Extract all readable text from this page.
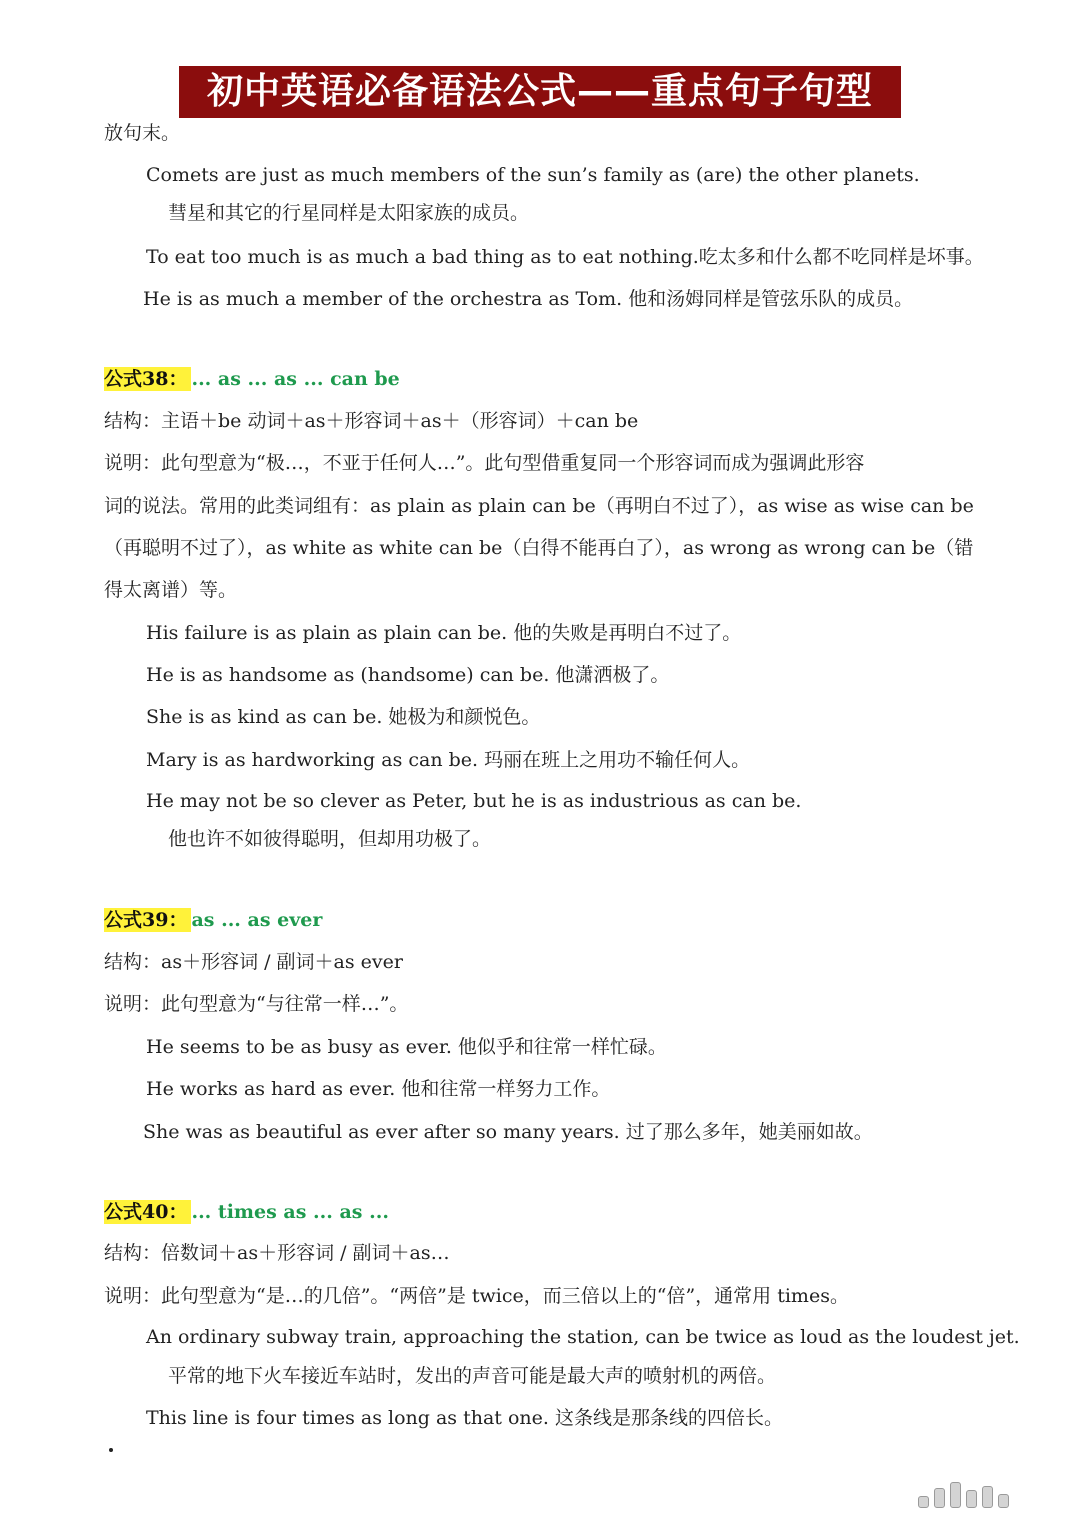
初中英语必备语法公式——重点句子句型
放句末。
Comets are just as much members of the sun’s family as (are) the other planets.
彗星和其它的行星同样是太阳家族的成员。
To eat too much is as much a bad thing as to eat nothing.吃太多和什么都不吃同样是坏事。
He is as much a member of the orchestra as Tom. 他和汤姆同样是管弦乐队的成员。
公式38： ... as ... as ... can be
结构：主语＋be 动词＋as＋形容词＋as＋（形容词）＋can be
说明：此句型意为“极…，不亚于任何人…”。此句型借重复同一个形容词而成为强调此形容
词的说法。常用的此类词组有：as plain as plain can be（再明白不过了），as wise as wise can be
（再聪明不过了），as white as white can be（白得不能再白了），as wrong as wrong can be（错
得太离谱）等。
His failure is as plain as plain can be. 他的失败是再明白不过了。
He is as handsome as (handsome) can be. 他潇洒极了。
She is as kind as can be. 她极为和颜悦色。
Mary is as hardworking as can be. 玛丽在班上之用功不输任何人。
He may not be so clever as Peter, but he is as industrious as can be.
他也许不如彼得聪明，但却用功极了。
公式39： as ... as ever
结构：as＋形容词 / 副词＋as ever
说明：此句型意为“与往常一样…”。
He seems to be as busy as ever. 他似乎和往常一样忙碌。
He works as hard as ever. 他和往常一样努力工作。
She was as beautiful as ever after so many years. 过了那么多年，她美丽如故。
公式40： ... times as ... as ...
结构：倍数词＋as＋形容词 / 副词＋as…
说明：此句型意为“是…的几倍”。“两倍”是 twice，而三倍以上的“倍”，通常用 times。
An ordinary subway train, approaching the station, can be twice as loud as the loudest jet.
平常的地下火车接近车站时，发出的声音可能是最大声的喷射机的两倍。
This line is four times as long as that one. 这条线是那条线的四倍长。
